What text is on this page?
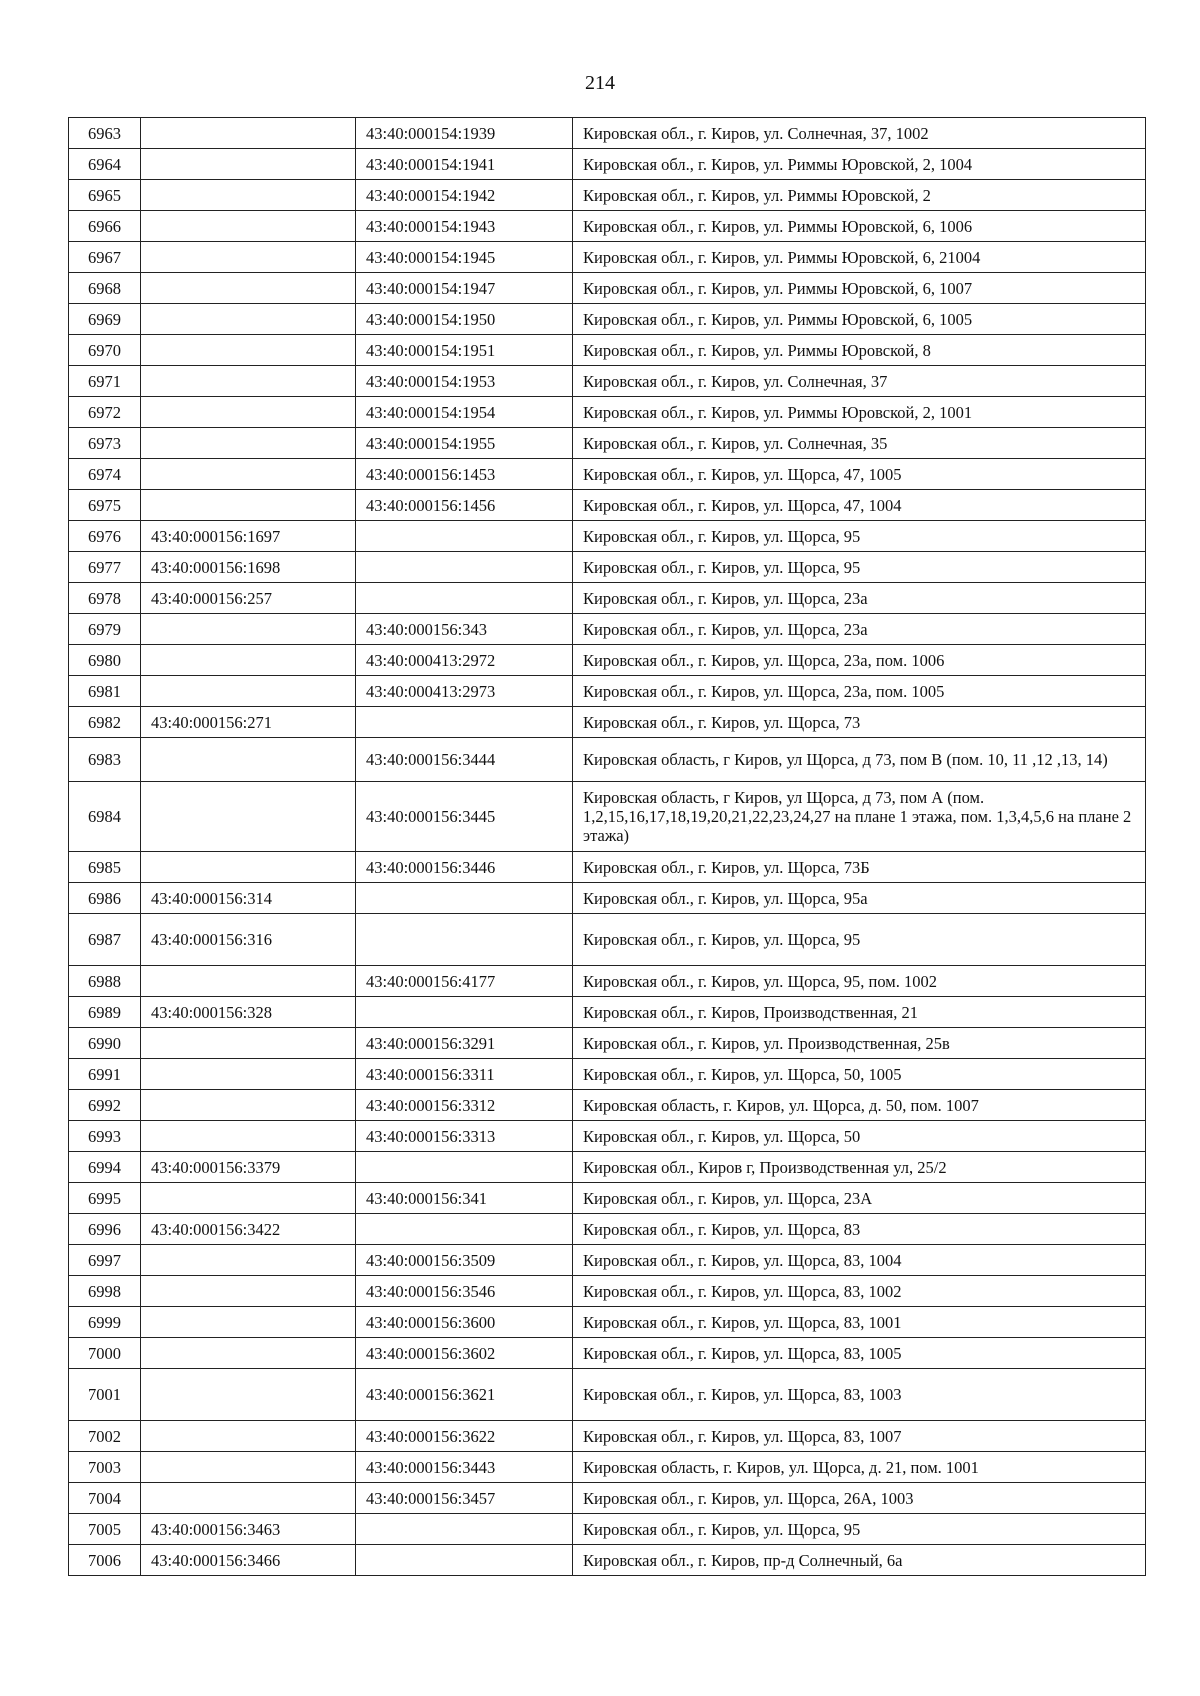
214
6963		43:40:000154:1939	Кировская обл., г. Киров, ул. Солнечная, 37, 1002
6964		43:40:000154:1941	Кировская обл., г. Киров, ул. Риммы Юровской, 2, 1004
6965		43:40:000154:1942	Кировская обл., г. Киров, ул. Риммы Юровской, 2
6966		43:40:000154:1943	Кировская обл., г. Киров, ул. Риммы Юровской, 6, 1006
6967		43:40:000154:1945	Кировская обл., г. Киров, ул. Риммы Юровской, 6, 21004
6968		43:40:000154:1947	Кировская обл., г. Киров, ул. Риммы Юровской, 6, 1007
6969		43:40:000154:1950	Кировская обл., г. Киров, ул. Риммы Юровской, 6, 1005
6970		43:40:000154:1951	Кировская обл., г. Киров, ул. Риммы Юровской, 8
6971		43:40:000154:1953	Кировская обл., г. Киров, ул. Солнечная, 37
6972		43:40:000154:1954	Кировская обл., г. Киров, ул. Риммы Юровской, 2, 1001
6973		43:40:000154:1955	Кировская обл., г. Киров, ул. Солнечная, 35
6974		43:40:000156:1453	Кировская обл., г. Киров, ул. Щорса, 47, 1005
6975		43:40:000156:1456	Кировская обл., г. Киров, ул. Щорса, 47, 1004
6976	43:40:000156:1697		Кировская обл., г. Киров, ул. Щорса, 95
6977	43:40:000156:1698		Кировская обл., г. Киров, ул. Щорса, 95
6978	43:40:000156:257		Кировская обл., г. Киров, ул. Щорса, 23а
6979		43:40:000156:343	Кировская обл., г. Киров, ул. Щорса, 23а
6980		43:40:000413:2972	Кировская обл., г. Киров, ул. Щорса, 23а, пом. 1006
6981		43:40:000413:2973	Кировская обл., г. Киров, ул. Щорса, 23а, пом. 1005
6982	43:40:000156:271		Кировская обл., г. Киров, ул. Щорса, 73
6983		43:40:000156:3444	Кировская область, г Киров, ул Щорса, д 73, пом В (пом. 10, 11 ,12 ,13, 14)
6984		43:40:000156:3445	Кировская область, г Киров, ул Щорса, д 73, пом А (пом. 1,2,15,16,17,18,19,20,21,22,23,24,27 на плане 1 этажа, пом. 1,3,4,5,6 на плане 2 этажа)
6985		43:40:000156:3446	Кировская обл., г. Киров, ул. Щорса, 73Б
6986	43:40:000156:314		Кировская обл., г. Киров, ул. Щорса, 95а
6987	43:40:000156:316		Кировская обл., г. Киров, ул. Щорса, 95
6988		43:40:000156:4177	Кировская обл., г. Киров, ул. Щорса, 95, пом. 1002
6989	43:40:000156:328		Кировская обл., г. Киров, Производственная, 21
6990		43:40:000156:3291	Кировская обл., г. Киров, ул. Производственная, 25в
6991		43:40:000156:3311	Кировская обл., г. Киров, ул. Щорса, 50, 1005
6992		43:40:000156:3312	Кировская область, г. Киров, ул. Щорса, д. 50, пом. 1007
6993		43:40:000156:3313	Кировская обл., г. Киров, ул. Щорса, 50
6994	43:40:000156:3379		Кировская обл., Киров г, Производственная ул, 25/2
6995		43:40:000156:341	Кировская обл., г. Киров, ул. Щорса, 23А
6996	43:40:000156:3422		Кировская обл., г. Киров, ул. Щорса, 83
6997		43:40:000156:3509	Кировская обл., г. Киров, ул. Щорса, 83, 1004
6998		43:40:000156:3546	Кировская обл., г. Киров, ул. Щорса, 83, 1002
6999		43:40:000156:3600	Кировская обл., г. Киров, ул. Щорса, 83, 1001
7000		43:40:000156:3602	Кировская обл., г. Киров, ул. Щорса, 83, 1005
7001		43:40:000156:3621	Кировская обл., г. Киров, ул. Щорса, 83, 1003
7002		43:40:000156:3622	Кировская обл., г. Киров, ул. Щорса, 83, 1007
7003		43:40:000156:3443	Кировская область, г. Киров, ул. Щорса, д. 21, пом. 1001
7004		43:40:000156:3457	Кировская обл., г. Киров, ул. Щорса, 26А, 1003
7005	43:40:000156:3463		Кировская обл., г. Киров, ул. Щорса, 95
7006	43:40:000156:3466		Кировская обл., г. Киров, пр-д Солнечный, 6а
